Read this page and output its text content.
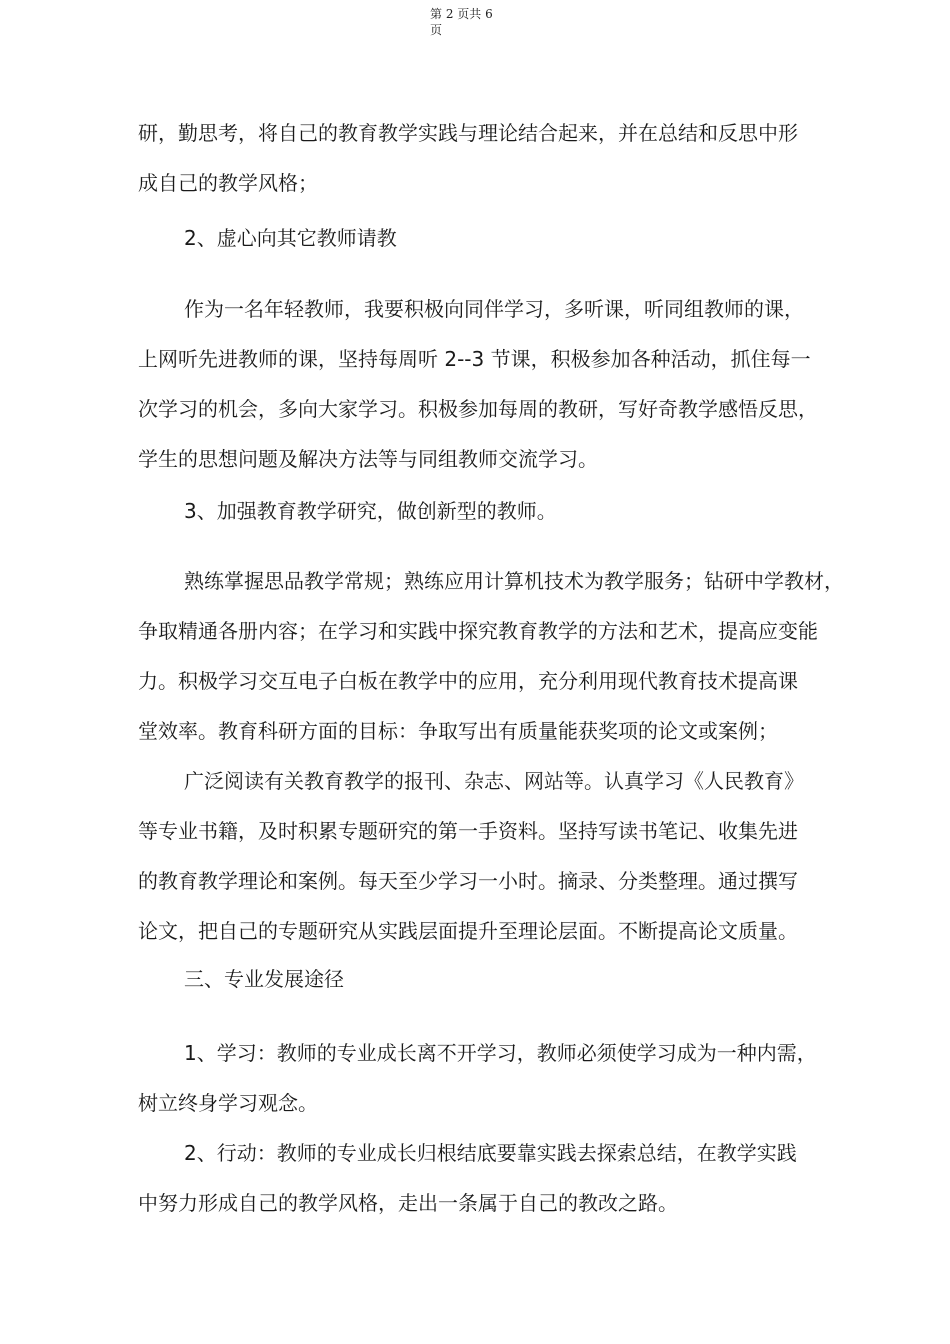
第 2 页共 6
页
研，勤思考，将自己的教育教学实践与理论结合起来，并在总结和反思中形
成自己的教学风格；
2、虚心向其它教师请教
作为一名年轻教师，我要积极向同伴学习，多听课，听同组教师的课，
上网听先进教师的课，坚持每周听 2--3 节课，积极参加各种活动，抓住每一
次学习的机会，多向大家学习。积极参加每周的教研，写好奇教学感悟反思，
学生的思想问题及解决方法等与同组教师交流学习。
3、加强教育教学研究，做创新型的教师。
熟练掌握思品教学常规；熟练应用计算机技术为教学服务；钻研中学教材，
争取精通各册内容；在学习和实践中探究教育教学的方法和艺术，提高应变能
力。积极学习交互电子白板在教学中的应用，充分利用现代教育技术提高课
堂效率。教育科研方面的目标：争取写出有质量能获奖项的论文或案例；
广泛阅读有关教育教学的报刊、杂志、网站等。认真学习《人民教育》
等专业书籍，及时积累专题研究的第一手资料。坚持写读书笔记、收集先进
的教育教学理论和案例。每天至少学习一小时。摘录、分类整理。通过撰写
论文，把自己的专题研究从实践层面提升至理论层面。不断提高论文质量。
三、专业发展途径
1、学习：教师的专业成长离不开学习，教师必须使学习成为一种内需，
树立终身学习观念。
2、行动：教师的专业成长归根结底要靠实践去探索总结，在教学实践
中努力形成自己的教学风格，走出一条属于自己的教改之路。
